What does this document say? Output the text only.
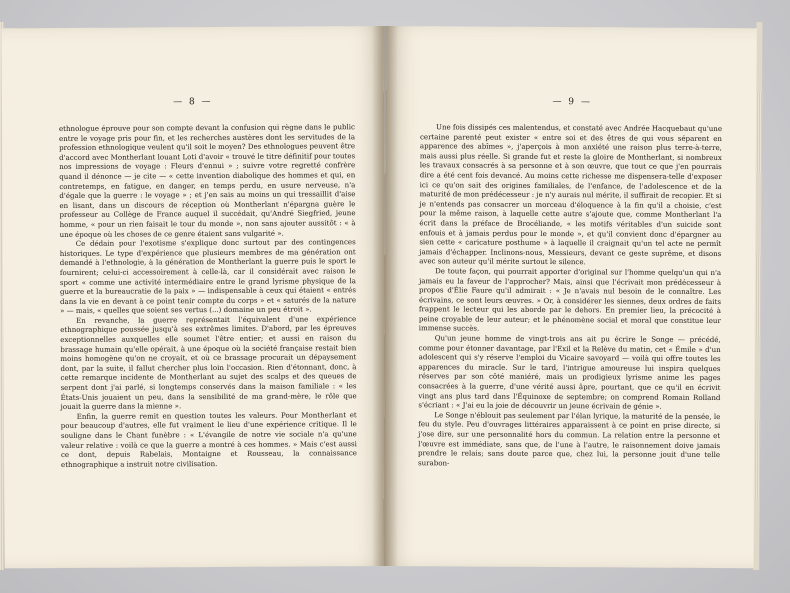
— 8 —

ethnologue éprouve pour son compte devant la confusion qui règne dans le public entre le voyage pris pour fin, et les recherches austères dont les servitudes de la profession ethnologique veulent qu'il soit le moyen? Des ethnologues peuvent être d'accord avec Montherlant louant Loti d'avoir « trouvé le titre définitif pour toutes nos impressions de voyage : Fleurs d'ennui » ; suivre votre regretté confrère quand il dénonce — je cite — « cette invention diabolique des hommes et qui, en contretemps, en fatigue, en danger, en temps perdu, en usure nerveuse, n'a d'égale que la guerre : le voyage » ; et j'en sais au moins un qui tressaillit d'aise en lisant, dans un discours de réception où Montherlant n'épargna guère le professeur au Collège de France auquel il succédait, qu'André Siegfried, jeune homme, « pour un rien faisait le tour du monde », non sans ajouter aussitôt : « à une époque où les choses de ce genre étaient sans vulgarité ».

Ce dédain pour l'exotisme s'explique donc surtout par des contingences historiques. Le type d'expérience que plusieurs membres de ma génération ont demandé à l'ethnologie, à la génération de Montherlant la guerre puis le sport le fournirent; celui-ci accessoirement à celle-là, car il considérait avec raison le sport « comme une activité intermédiaire entre le grand lyrisme physique de la guerre et la bureaucratie de la paix » — indispensable à ceux qui étaient « entrés dans la vie en devant à ce point tenir compte du corps » et « saturés de la nature » — mais, « quelles que soient ses vertus (...) domaine un peu étroit ».

En revanche, la guerre représentait l'équivalent d'une expérience ethnographique poussée jusqu'à ses extrêmes limites. D'abord, par les épreuves exceptionnelles auxquelles elle soumet l'être entier; et aussi en raison du brassage humain qu'elle opérait, à une époque où la société française restait bien moins homogène qu'on ne croyait, et où ce brassage procurait un dépaysement dont, par la suite, il fallut chercher plus loin l'occasion. Rien d'étonnant, donc, à cette remarque incidente de Montherlant au sujet des scalps et des queues de serpent dont j'ai parlé, si longtemps conservés dans la maison familiale : « les États-Unis jouaient un peu, dans la sensibilité de ma grand-mère, le rôle que jouait la guerre dans la mienne ».

Enfin, la guerre remit en question toutes les valeurs. Pour Montherlant et pour beaucoup d'autres, elle fut vraiment le lieu d'une expérience critique. Il le souligne dans le Chant funèbre : « L'évangile de notre vie sociale n'a qu'une valeur relative : voilà ce que la guerre a montré à ces hommes. » Mais c'est aussi ce dont, depuis Rabelais, Montaigne et Rousseau, la connaissance ethnographique a instruit notre civilisation.

— 9 —

Une fois dissipés ces malentendus, et constaté avec Andrée Hacquebaut qu'une certaine parenté peut exister « entre soi et des êtres de qui vous séparent en apparence des abîmes », j'aperçois à mon anxiété une raison plus terre-à-terre, mais aussi plus réelle. Si grande fut et reste la gloire de Montherlant, si nombreux les travaux consacrés à sa personne et à son œuvre, que tout ce que j'en pourrais dire a été cent fois devancé. Au moins cette richesse me dispensera-telle d'exposer ici ce qu'on sait des origines familiales, de l'enfance, de l'adolescence et de la maturité de mon prédécesseur : je n'y aurais nul mérite, il suffirait de recopier. Et si je n'entends pas consacrer un morceau d'éloquence à la fin qu'il a choisie, c'est pour la même raison, à laquelle cette autre s'ajoute que, comme Montherlant l'a écrit dans la préface de Brocéliande, « les motifs véritables d'un suicide sont enfouis et à jamais perdus pour le monde », et qu'il convient donc d'épargner au sien cette « caricature posthume » à laquelle il craignait qu'un tel acte ne permît jamais d'échapper. Inclinons-nous, Messieurs, devant ce geste suprême, et disons avec son auteur qu'il mérite surtout le silence.

De toute façon, qui pourrait apporter d'original sur l'homme quelqu'un qui n'a jamais eu la faveur de l'approcher? Mais, ainsi que l'écrivait mon prédécesseur à propos d'Élie Faure qu'il admirait : « Je n'avais nul besoin de le connaître. Les écrivains, ce sont leurs œuvres. » Or, à considérer les siennes, deux ordres de faits frappent le lecteur qui les aborde par le dehors. En premier lieu, la précocité à peine croyable de leur auteur; et le phénomène social et moral que constitue leur immense succès.

Qu'un jeune homme de vingt-trois ans ait pu écrire le Songe — précédé, comme pour étonner davantage, par l'Exil et la Relève du matin, cet « Émile » d'un adolescent qui s'y réserve l'emploi du Vicaire savoyard — voilà qui offre toutes les apparences du miracle. Sur le tard, l'intrigue amoureuse lui inspira quelques réserves par son côté maniéré, mais un prodigieux lyrisme anime les pages consacrées à la guerre, d'une vérité aussi âpre, pourtant, que ce qu'il en écrivit vingt ans plus tard dans l'Équinoxe de septembre; on comprend Romain Rolland s'écriant : « J'ai eu la joie de découvrir un jeune écrivain de génie ».

Le Songe n'éblouit pas seulement par l'élan lyrique, la maturité de la pensée, le feu du style. Peu d'ouvrages littéraires apparaissent à ce point en prise directe, si j'ose dire, sur une personnalité hors du commun. La relation entre la personne et l'œuvre est immédiate, sans que, de l'une à l'autre, le raisonnement doive jamais prendre le relais; sans doute parce que, chez lui, la personne jouit d'une telle surabon-
